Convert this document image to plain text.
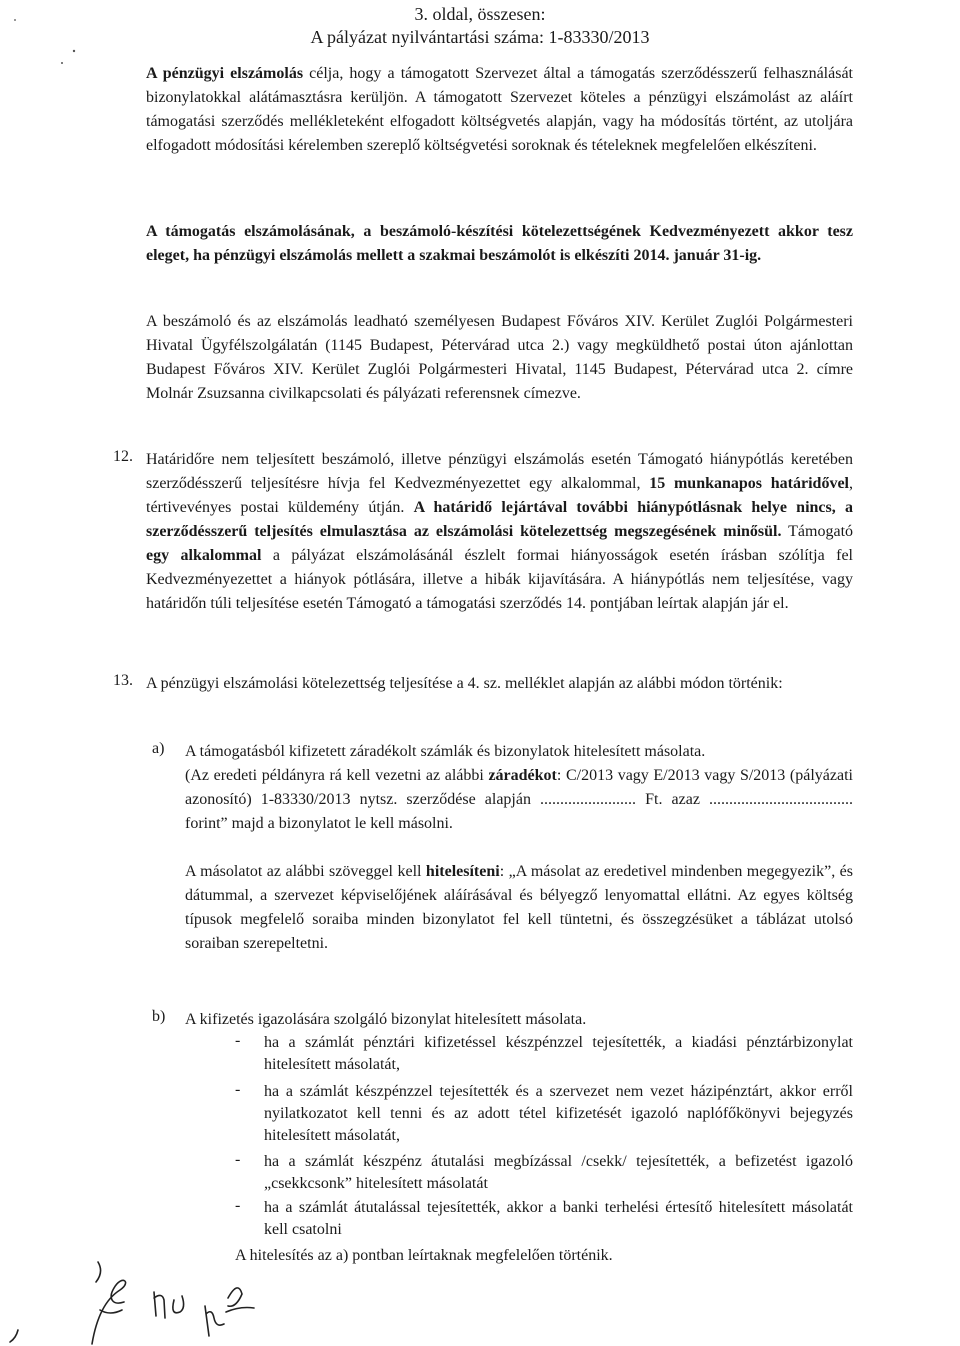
3. oldal, összesen:
A pályázat nyilvántartási száma: 1-83330/2013

A pénzügyi elszámolás célja, hogy a támogatott Szervezet által a támogatás szerződésszerű felhasználását bizonylatokkal alátámasztásra kerüljön. A támogatott Szervezet köteles a pénzügyi elszámolást az aláírt támogatási szerződés mellékleteként elfogadott költségvetés alapján, vagy ha módosítás történt, az utoljára elfogadott módosítási kérelemben szereplő költségvetési soroknak és tételeknek megfelelően elkészíteni.

A támogatás elszámolásának, a beszámoló-készítési kötelezettségének Kedvezményezett akkor tesz eleget, ha pénzügyi elszámolás mellett a szakmai beszámolót is elkészíti 2014. január 31-ig.

A beszámoló és az elszámolás leadható személyesen Budapest Főváros XIV. Kerület Zuglói Polgármesteri Hivatal Ügyfélszolgálatán (1145 Budapest, Pétervárad utca 2.) vagy megküldhető postai úton ajánlottan Budapest Főváros XIV. Kerület Zuglói Polgármesteri Hivatal, 1145 Budapest, Pétervárad utca 2. címre Molnár Zsuzsanna civilkapcsolati és pályázati referensnek címezve.

12. Határidőre nem teljesített beszámoló, illetve pénzügyi elszámolás esetén Támogató hiánypótlás keretében szerződésszerű teljesítésre hívja fel Kedvezményezettet egy alkalommal, 15 munkanapos határidővel, tértivevényes postai küldemény útján. A határidő lejártával további hiánypótlásnak helye nincs, a szerződésszerű teljesítés elmulasztása az elszámolási kötelezettség megszegésének minősül. Támogató egy alkalommal a pályázat elszámolásánál észlelt formai hiányosságok esetén írásban szólítja fel Kedvezményezettet a hiányok pótlására, illetve a hibák kijavítására. A hiánypótlás nem teljesítése, vagy határidőn túli teljesítése esetén Támogató a támogatási szerződés 14. pontjában leírtak alapján jár el.

13. A pénzügyi elszámolási kötelezettség teljesítése a 4. sz. melléklet alapján az alábbi módon történik:

a) A támogatásból kifizetett záradékolt számlák és bizonylatok hitelesített másolata.

(Az eredeti példányra rá kell vezetni az alábbi záradékot: C/2013 vagy E/2013 vagy S/2013 (pályázati azonosító) 1-83330/2013 nytsz. szerződése alapján ........................ Ft. azaz .................................... forint” majd a bizonylatot le kell másolni.

A másolatot az alábbi szöveggel kell hitelesíteni: „A másolat az eredetivel mindenben megegyezik”, és dátummal, a szervezet képviselőjének aláírásával és bélyegző lenyomattal ellátni. Az egyes költség típusok megfelelő soraiba minden bizonylatot fel kell tüntetni, és összegzésüket a táblázat utolsó soraiban szerepeltetni.

b) A kifizetés igazolására szolgáló bizonylat hitelesített másolata.

- ha a számlát pénztári kifizetéssel készpénzzel tejesítették, a kiadási pénztárbizonylat hitelesített másolatát,

- ha a számlát készpénzzel tejesítették és a szervezet nem vezet házipénztárt, akkor erről nyilatkozatot kell tenni és az adott tétel kifizetését igazoló naplófőkönyvi bejegyzés hitelesített másolatát,

- ha a számlát készpénz átutalási megbízással /csekk/ tejesítették, a befizetést igazoló „csekkcsonk” hitelesített másolatát

- ha a számlát átutalással tejesítették, akkor a banki terhelési értesítő hitelesített másolatát kell csatolni

A hitelesítés az a) pontban leírtaknak megfelelően történik.
